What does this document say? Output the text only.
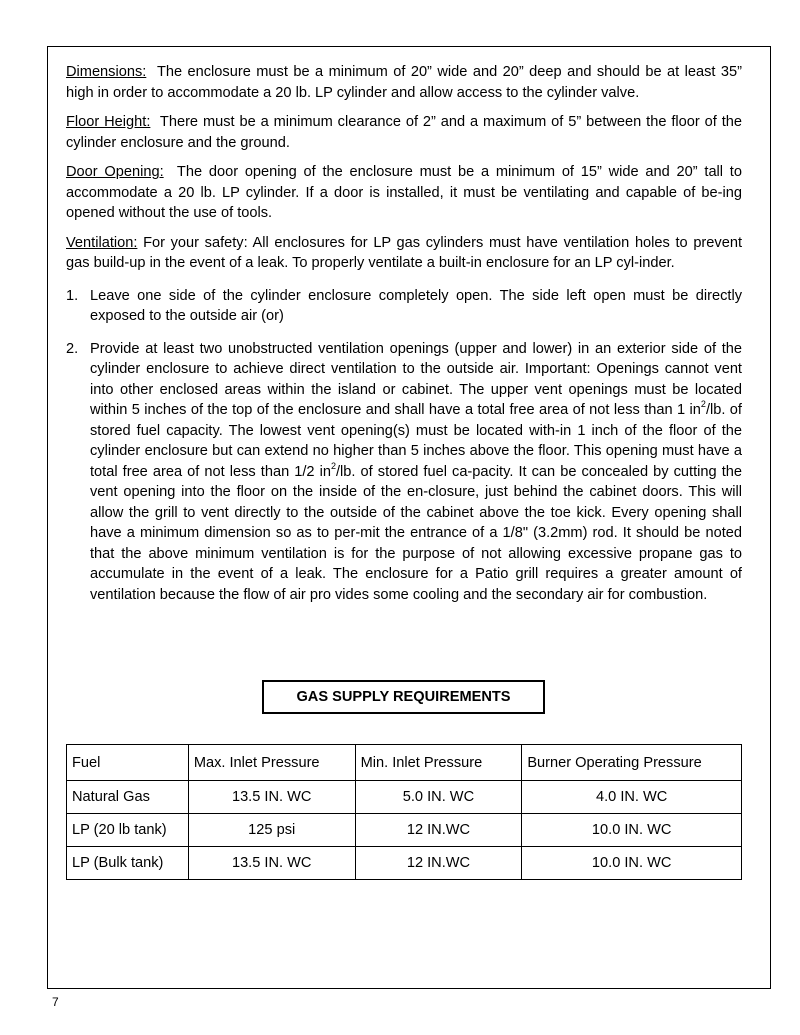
Dimensions: The enclosure must be a minimum of 20” wide and 20” deep and should be at least 35” high in order to accommodate a 20 lb. LP cylinder and allow access to the cylinder valve.

Floor Height: There must be a minimum clearance of 2” and a maximum of 5” between the floor of the cylinder enclosure and the ground.

Door Opening: The door opening of the enclosure must be a minimum of 15” wide and 20” tall to accommodate a 20 lb. LP cylinder. If a door is installed, it must be ventilating and capable of be-ing opened without the use of tools.

Ventilation: For your safety: All enclosures for LP gas cylinders must have ventilation holes to prevent gas build-up in the event of a leak. To properly ventilate a built-in enclosure for an LP cyl-inder.

1. Leave one side of the cylinder enclosure completely open. The side left open must be directly exposed to the outside air (or)
2. Provide at least two unobstructed ventilation openings (upper and lower) in an exterior side of the cylinder enclosure to achieve direct ventilation to the outside air. Important: Openings cannot vent into other enclosed areas within the island or cabinet. The upper vent openings must be located within 5 inches of the top of the enclosure and shall have a total free area of not less than 1 $in^2/lb$. of stored fuel capacity. The lowest vent opening(s) must be located with-in 1 inch of the floor of the cylinder enclosure but can extend no higher than 5 inches above the floor. This opening must have a total free area of not less than 1/2 $in^2/lb$. of stored fuel ca-pacity. It can be concealed by cutting the vent opening into the floor on the inside of the en-closure, just behind the cabinet doors. This will allow the grill to vent directly to the outside of the cabinet above the toe kick. Every opening shall have a minimum dimension so as to per-mit the entrance of a 1/8" (3.2mm) rod. It should be noted that the above minimum ventilation is for the purpose of not allowing excessive propane gas to accumulate in the event of a leak. The enclosure for a Patio grill requires a greater amount of ventilation because the flow of air pro vides some cooling and the secondary air for combustion.
GAS SUPPLY REQUIREMENTS
Fuel	Max. Inlet Pressure	Min. Inlet Pressure	Burner Operating Pressure
Natural Gas	13.5 IN. WC	5.0 IN. WC	4.0 IN. WC
LP (20 lb tank)	125 psi	12 IN.WC	10.0 IN. WC
LP (Bulk tank)	13.5 IN. WC	12 IN.WC	10.0 IN. WC
7
